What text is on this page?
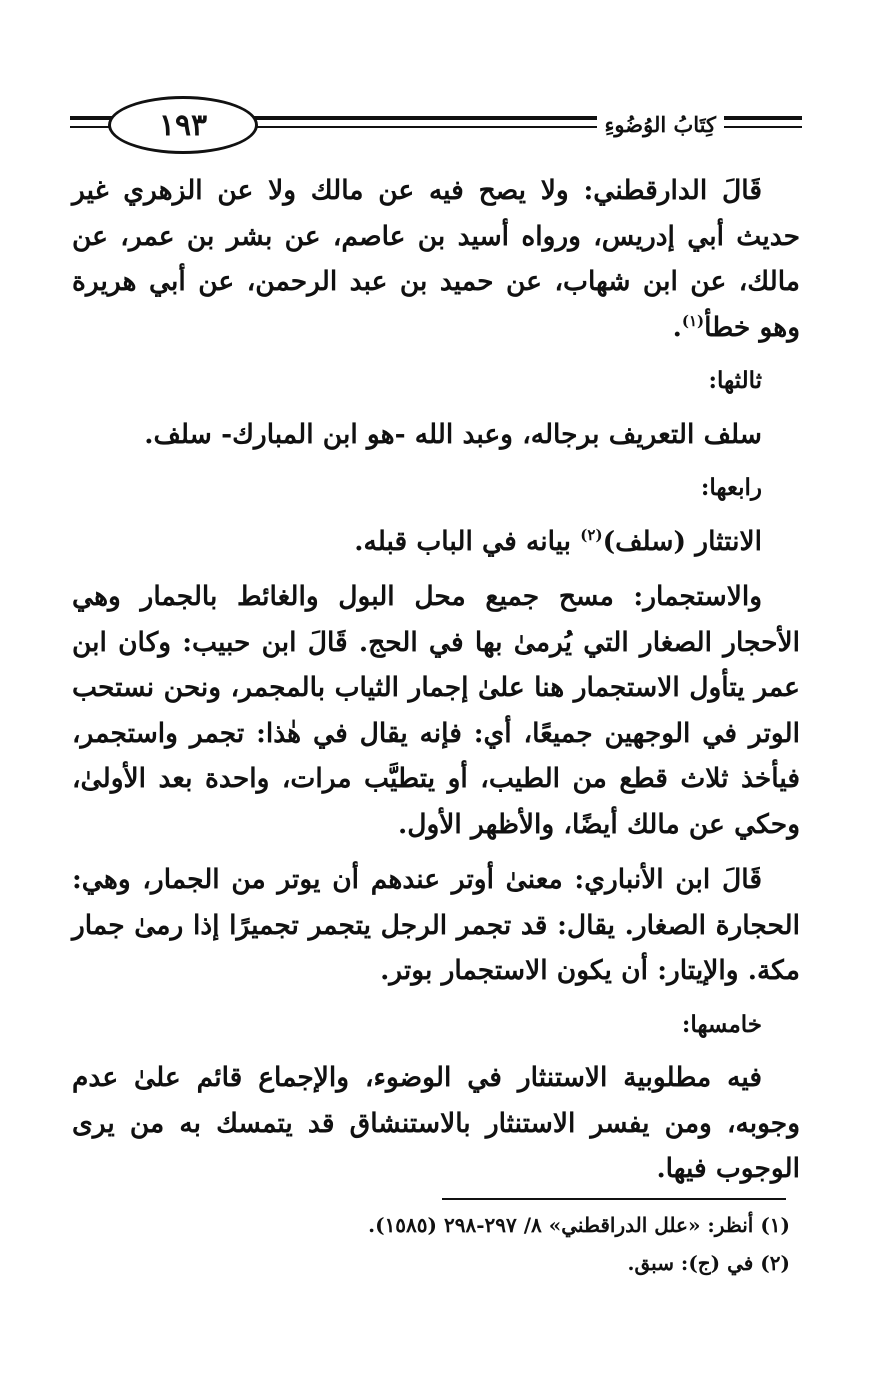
١٩٣	كِتَابُ الوُضُوءِ

قَالَ الدارقطني: ولا يصح فيه عن مالك ولا عن الزهري غير حديث أبي إدريس، ورواه أسيد بن عاصم، عن بشر بن عمر، عن مالك، عن ابن شهاب، عن حميد بن عبد الرحمن، عن أبي هريرة وهو خطأ$^{(١)}$.

ثالثها:

سلف التعريف برجاله، وعبد الله -هو ابن المبارك- سلف.

رابعها:

الانتثار (سلف)$^{(٢)}$ بيانه في الباب قبله.

والاستجمار: مسح جميع محل البول والغائط بالجمار وهي الأحجار الصغار التي يُرمىٰ بها في الحج. قَالَ ابن حبيب: وكان ابن عمر يتأول الاستجمار هنا علىٰ إجمار الثياب بالمجمر، ونحن نستحب الوتر في الوجهين جميعًا، أي: فإنه يقال في هٰذا: تجمر واستجمر، فيأخذ ثلاث قطع من الطيب، أو يتطيَّب مرات، واحدة بعد الأولىٰ، وحكي عن مالك أيضًا، والأظهر الأول.

قَالَ ابن الأنباري: معنىٰ أوتر عندهم أن يوتر من الجمار، وهي: الحجارة الصغار. يقال: قد تجمر الرجل يتجمر تجميرًا إذا رمىٰ جمار مكة. والإيتار: أن يكون الاستجمار بوتر.

خامسها:

فيه مطلوبية الاستنثار في الوضوء، والإجماع قائم علىٰ عدم وجوبه، ومن يفسر الاستنثار بالاستنشاق قد يتمسك به من يرى الوجوب فيها.

(١) أنظر: «علل الدراقطني» ٨/ ٢٩٧-٢٩٨ (١٥٨٥).
(٢) في (ج): سبق.
